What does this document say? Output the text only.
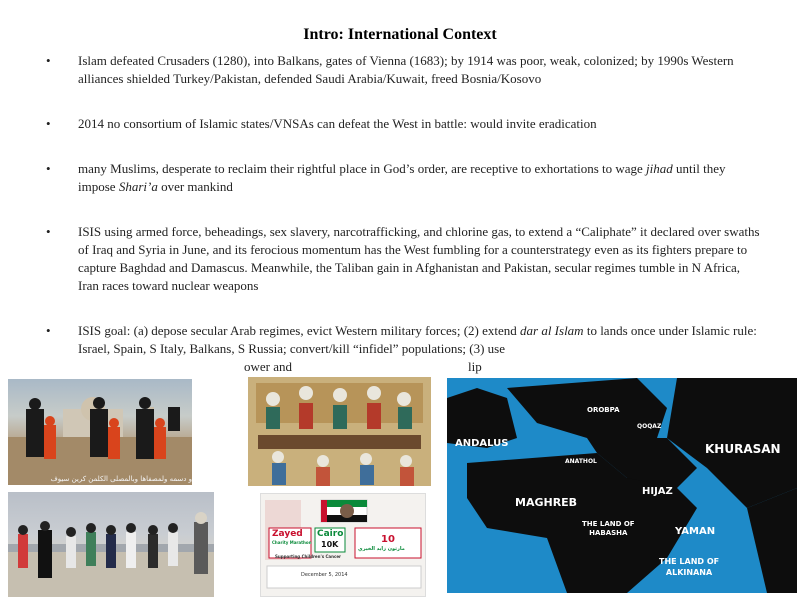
Intro: International Context
• Islam defeated Crusaders (1280), into Balkans, gates of Vienna (1683); by 1914 was poor, weak, colonized; by 1990s Western alliances shielded Turkey/Pakistan, defended Saudi Arabia/Kuwait, freed Bosnia/Kosovo
• 2014 no consortium of Islamic states/VNSAs can defeat the West in battle: would invite eradication
• many Muslims, desperate to reclaim their rightful place in God’s order, are receptive to exhortations to wage jihad until they impose Shari’a over mankind
• ISIS using armed force, beheadings, sex slavery, narcotrafficking, and chlorine gas, to extend a “Caliphate” it declared over swaths of Iraq and Syria in June, and its ferocious momentum has the West fumbling for a counterstrategy even as its fighters prepare to capture Baghdad and Damascus. Meanwhile, the Taliban gain in Afghanistan and Pakistan, secular regimes tumble in N Africa, Iran races toward nuclear weapons
• ISIS goal: (a) depose secular Arab regimes, evict Western military forces; (2) extend dar al Islam to lands once under Islamic rule: Israel, Spain, S Italy, Balkans, S Russia; convert/kill “infidel” populations; (3) use
ower and	lip
و دسمه ولمصفاها وبالمصلى الكلمن كرين سيوف
ANDALUS
OROBPA
QOQAZ
ANATHOL
KHURASAN
MAGHREB
HIJAZ
YAMAN
THE LAND OF
HABASHA
THE LAND OF
ALKINANA
Zayed
Charity Marathon
Cairo
10K	10
مارثون زايد الخيري
Supporting Children's Cancer
December 5, 2014
